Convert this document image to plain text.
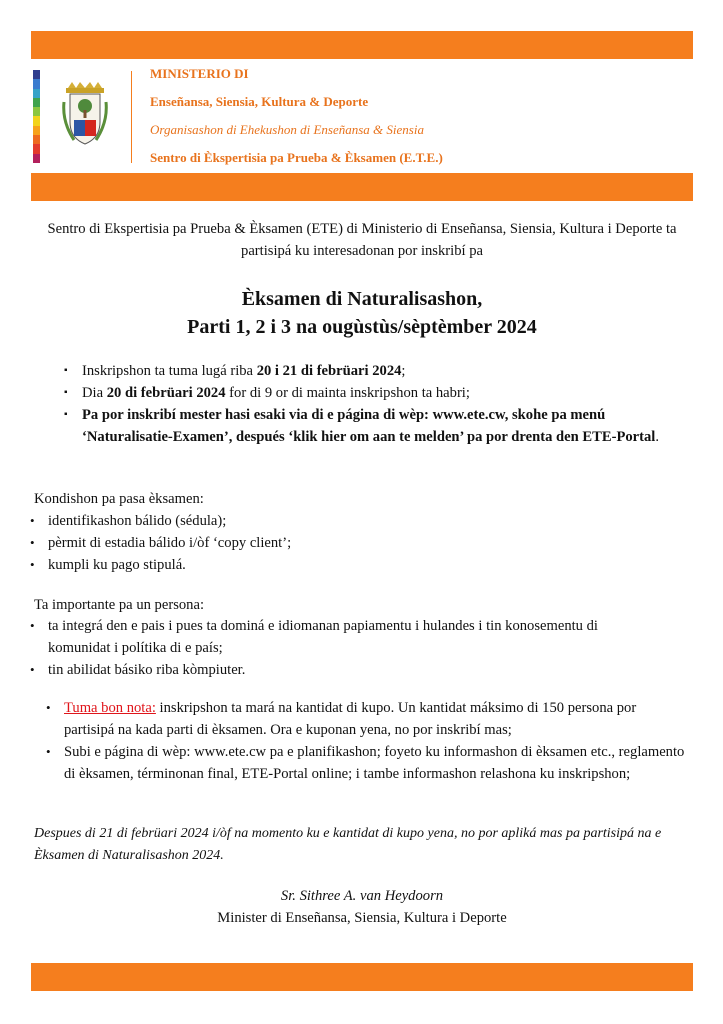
MINISTERIO DI
Enseñansa, Siensia, Kultura & Deporte
Organisashon di Ehekushon di Enseñansa & Siensia
Sentro di Èkspertisia pa Prueba & Èksamen (E.T.E.)
Sentro di Ekspertisia pa Prueba & Èksamen (ETE) di Ministerio di Enseñansa, Siensia, Kultura i Deporte ta partisipá ku interesadonan por inskribí pa
Èksamen di Naturalisashon,
Parti 1, 2 i 3 na ougùstùs/sèptèmber 2024
▪ Inskripshon ta tuma lugá riba 20 i 21 di febrüari 2024;
▪ Dia 20 di febrüari 2024 for di 9 or di mainta inskripshon ta habri;
▪ Pa por inskribí mester hasi esaki via di e página di wèp: www.ete.cw, skohe pa menú ‘Naturalisatie-Examen’, después ‘klik hier om aan te melden’ pa por drenta den ETE-Portal.
Kondishon pa pasa èksamen:
• identifikashon bálido (sédula);
• pèrmit di estadia bálido i/òf ‘copy client’;
• kumpli ku pago stipulá.
Ta importante pa un persona:
• ta integrá den e pais i pues ta dominá e idiomanan papiamentu i hulandes i tin konosementu di komunidat i polítika di e país;
• tin abilidat básiko riba kòmpiuter.
• Tuma bon nota: inskripshon ta mará na kantidat di kupo. Un kantidat máksimo di 150 persona por partisipá na kada parti di èksamen. Ora e kuponan yena, no por inskribí mas;
• Subi e página di wèp: www.ete.cw pa e planifikashon; foyeto ku informashon di èksamen etc., reglamento di èksamen, términonan final, ETE-Portal online; i tambe informashon relashona ku inskripshon;
Despues di 21 di febrüari 2024 i/òf na momento ku e kantidat di kupo yena, no por apliká mas pa partisipá na e Èksamen di Naturalisashon 2024.
Sr. Sithree A. van Heydoorn
Minister di Enseñansa, Siensia, Kultura i Deporte
